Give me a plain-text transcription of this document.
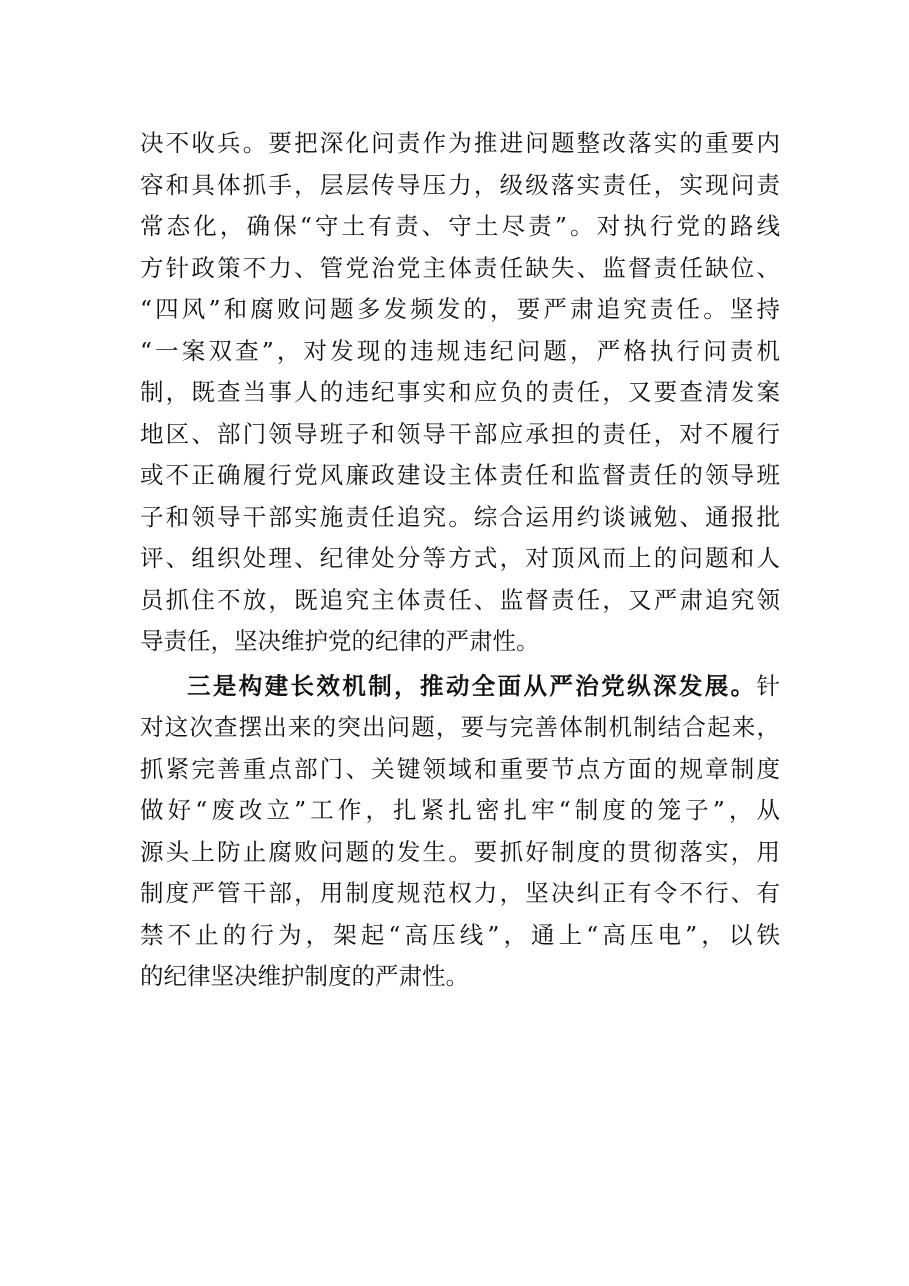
决不收兵。要把深化问责作为推进问题整改落实的重要内
容和具体抓手，层层传导压力，级级落实责任，实现问责
常态化，确保“守土有责、守土尽责”。对执行党的路线
方针政策不力、管党治党主体责任缺失、监督责任缺位、
“四风”和腐败问题多发频发的，要严肃追究责任。坚持
“一案双查”，对发现的违规违纪问题，严格执行问责机
制，既查当事人的违纪事实和应负的责任，又要查清发案
地区、部门领导班子和领导干部应承担的责任，对不履行
或不正确履行党风廉政建设主体责任和监督责任的领导班
子和领导干部实施责任追究。综合运用约谈诫勉、通报批
评、组织处理、纪律处分等方式，对顶风而上的问题和人
员抓住不放，既追究主体责任、监督责任，又严肃追究领
导责任，坚决维护党的纪律的严肃性。
三是构建长效机制，推动全面从严治党纵深发展。针
对这次查摆出来的突出问题，要与完善体制机制结合起来，
抓紧完善重点部门、关键领域和重要节点方面的规章制度
做好“废改立”工作，扎紧扎密扎牢“制度的笼子”，从
源头上防止腐败问题的发生。要抓好制度的贯彻落实，用
制度严管干部，用制度规范权力，坚决纠正有令不行、有
禁不止的行为，架起“高压线”，通上“高压电”，以铁
的纪律坚决维护制度的严肃性。
